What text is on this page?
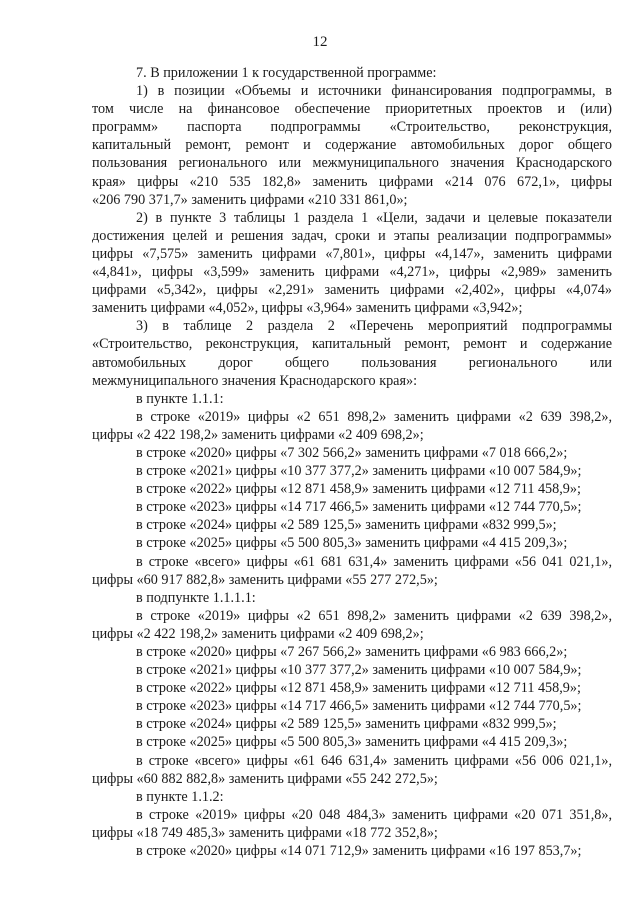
12
7. В приложении 1 к государственной программе:
1) в позиции «Объемы и источники финансирования подпрограммы, в
том числе на финансовое обеспечение приоритетных проектов и (или)
программ» паспорта подпрограммы «Строительство, реконструкция,
капитальный ремонт, ремонт и содержание автомобильных дорог общего
пользования регионального или межмуниципального значения Краснодарского
края» цифры «210 535 182,8» заменить цифрами «214 076 672,1», цифры
«206 790 371,7» заменить цифрами «210 331 861,0»;
2) в пункте 3 таблицы 1 раздела 1 «Цели, задачи и целевые показатели
достижения целей и решения задач, сроки и этапы реализации подпрограммы»
цифры «7,575» заменить цифрами «7,801», цифры «4,147», заменить цифрами
«4,841», цифры «3,599» заменить цифрами «4,271», цифры «2,989» заменить
цифрами «5,342», цифры «2,291» заменить цифрами «2,402», цифры «4,074»
заменить цифрами «4,052», цифры «3,964» заменить цифрами «3,942»;
3) в таблице 2 раздела 2 «Перечень мероприятий подпрограммы
«Строительство, реконструкция, капитальный ремонт, ремонт и содержание
автомобильных дорог общего пользования регионального или
межмуниципального значения Краснодарского края»:
в пункте 1.1.1:
в строке «2019» цифры «2 651 898,2» заменить цифрами «2 639 398,2»,
цифры «2 422 198,2» заменить цифрами «2 409 698,2»;
в строке «2020» цифры «7 302 566,2» заменить цифрами «7 018 666,2»;
в строке «2021» цифры «10 377 377,2» заменить цифрами «10 007 584,9»;
в строке «2022» цифры «12 871 458,9» заменить цифрами «12 711 458,9»;
в строке «2023» цифры «14 717 466,5» заменить цифрами «12 744 770,5»;
в строке «2024» цифры «2 589 125,5» заменить цифрами «832 999,5»;
в строке «2025» цифры «5 500 805,3» заменить цифрами «4 415 209,3»;
в строке «всего» цифры «61 681 631,4» заменить цифрами «56 041 021,1»,
цифры «60 917 882,8» заменить цифрами «55 277 272,5»;
в подпункте 1.1.1.1:
в строке «2019» цифры «2 651 898,2» заменить цифрами «2 639 398,2»,
цифры «2 422 198,2» заменить цифрами «2 409 698,2»;
в строке «2020» цифры «7 267 566,2» заменить цифрами «6 983 666,2»;
в строке «2021» цифры «10 377 377,2» заменить цифрами «10 007 584,9»;
в строке «2022» цифры «12 871 458,9» заменить цифрами «12 711 458,9»;
в строке «2023» цифры «14 717 466,5» заменить цифрами «12 744 770,5»;
в строке «2024» цифры «2 589 125,5» заменить цифрами «832 999,5»;
в строке «2025» цифры «5 500 805,3» заменить цифрами «4 415 209,3»;
в строке «всего» цифры «61 646 631,4» заменить цифрами «56 006 021,1»,
цифры «60 882 882,8» заменить цифрами «55 242 272,5»;
в пункте 1.1.2:
в строке «2019» цифры «20 048 484,3» заменить цифрами «20 071 351,8»,
цифры «18 749 485,3» заменить цифрами «18 772 352,8»;
в строке «2020» цифры «14 071 712,9» заменить цифрами «16 197 853,7»;
